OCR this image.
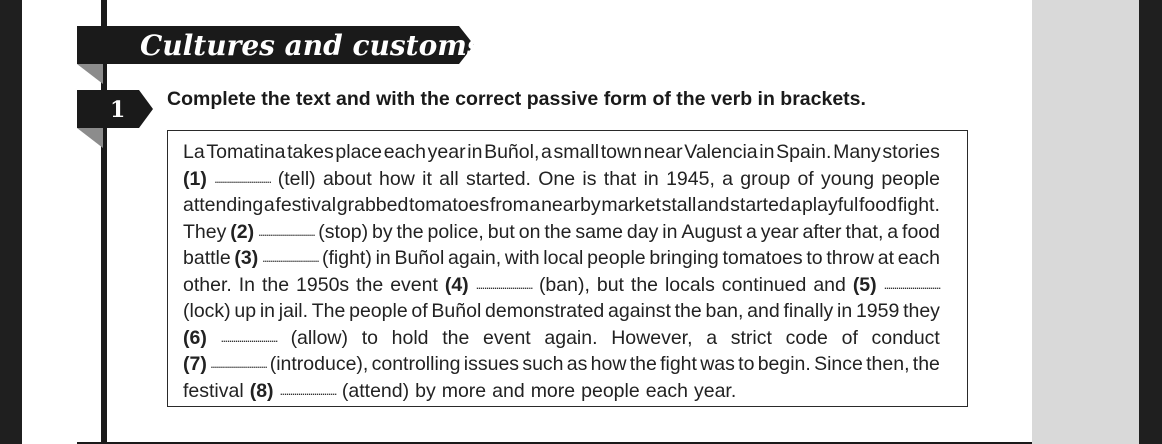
Cultures and customs
1 Complete the text and with the correct passive form of the verb in brackets.
La Tomatina takes place each year in Buñol, a small town near Valencia in Spain. Many stories
(1) ............................ (tell) about how it all started. One is that in 1945, a group of young people
attending a festival grabbed tomatoes from a nearby market stall and started a playful food fight.
They (2) ............................ (stop) by the police, but on the same day in August a year after that, a food
battle (3) ............................ (fight) in Buñol again, with local people bringing tomatoes to throw at each
other. In the 1950s the event (4) ............................ (ban), but the locals continued and (5) ............................
(lock) up in jail. The people of Buñol demonstrated against the ban, and finally in 1959 they
(6) ............................ (allow) to hold the event again. However, a strict code of conduct
(7) ............................ (introduce), controlling issues such as how the fight was to begin. Since then, the
festival (8) ............................ (attend) by more and more people each year.
